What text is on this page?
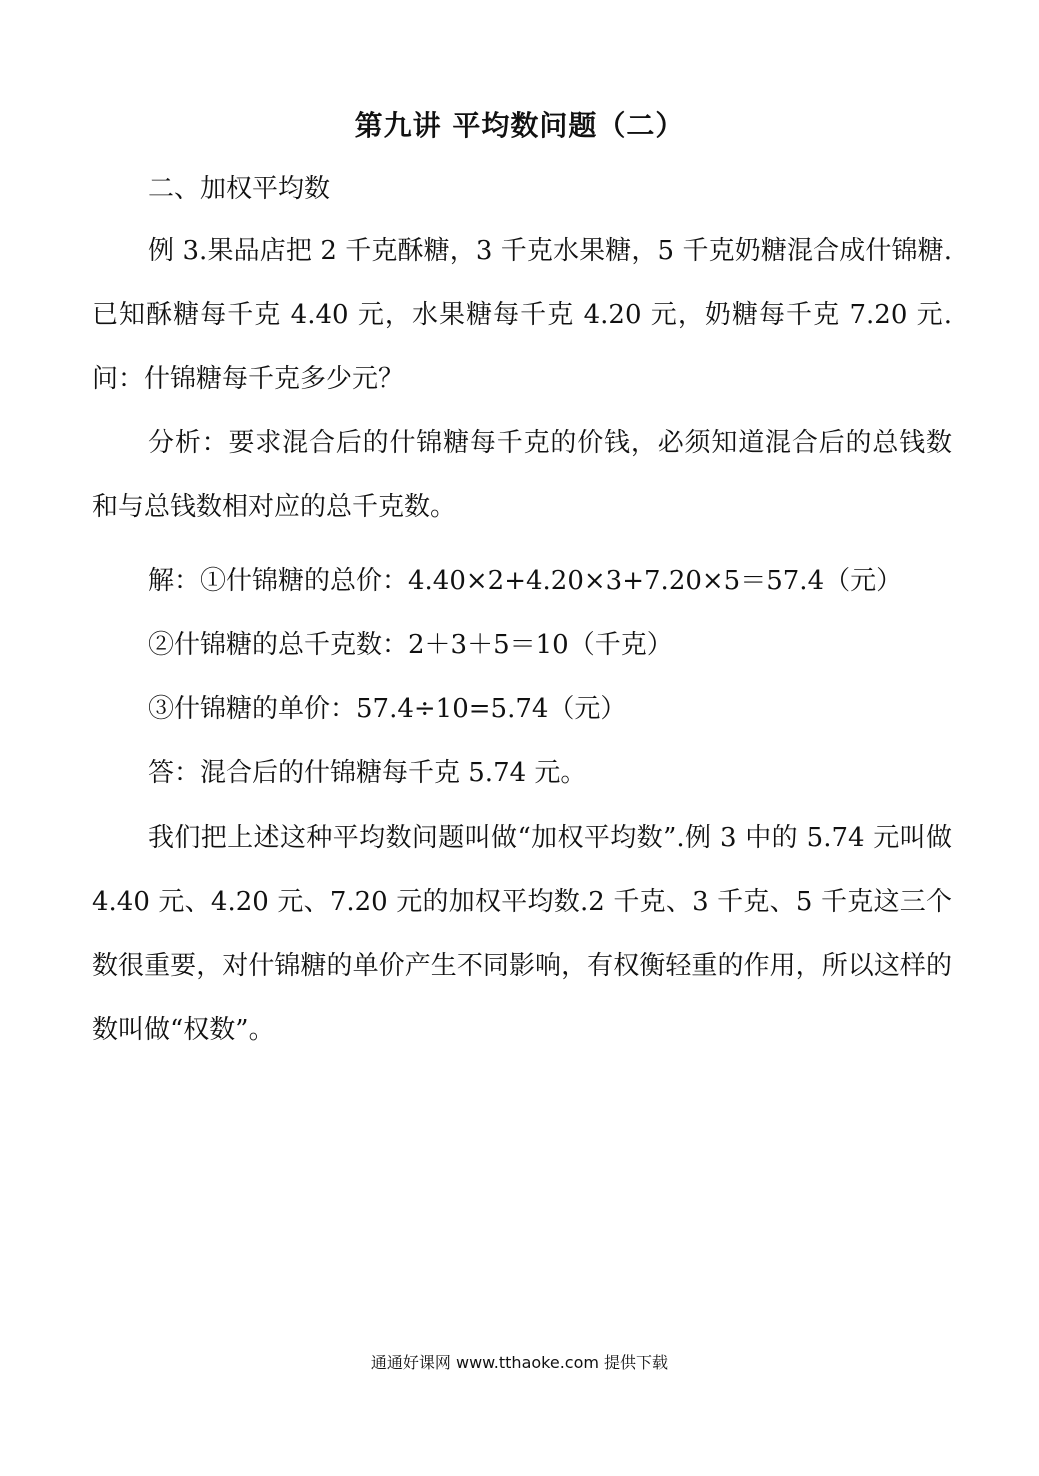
第九讲 平均数问题（二）
二、加权平均数
例 3.果品店把 2 千克酥糖，3 千克水果糖，5 千克奶糖混合成什锦糖.已知酥糖每千克 4.40 元，水果糖每千克 4.20 元，奶糖每千克 7.20 元.问：什锦糖每千克多少元？
分析：要求混合后的什锦糖每千克的价钱，必须知道混合后的总钱数和与总钱数相对应的总千克数。
解：①什锦糖的总价：4.40×2+4.20×3+7.20×5＝57.4（元）
②什锦糖的总千克数：2＋3＋5＝10（千克）
③什锦糖的单价：57.4÷10=5.74（元）
答：混合后的什锦糖每千克 5.74 元。
我们把上述这种平均数问题叫做“加权平均数”.例 3 中的 5.74 元叫做 4.40 元、4.20 元、7.20 元的加权平均数.2 千克、3 千克、5 千克这三个数很重要，对什锦糖的单价产生不同影响，有权衡轻重的作用，所以这样的数叫做“权数”。
通通好课网 www.tthaoke.com 提供下载
